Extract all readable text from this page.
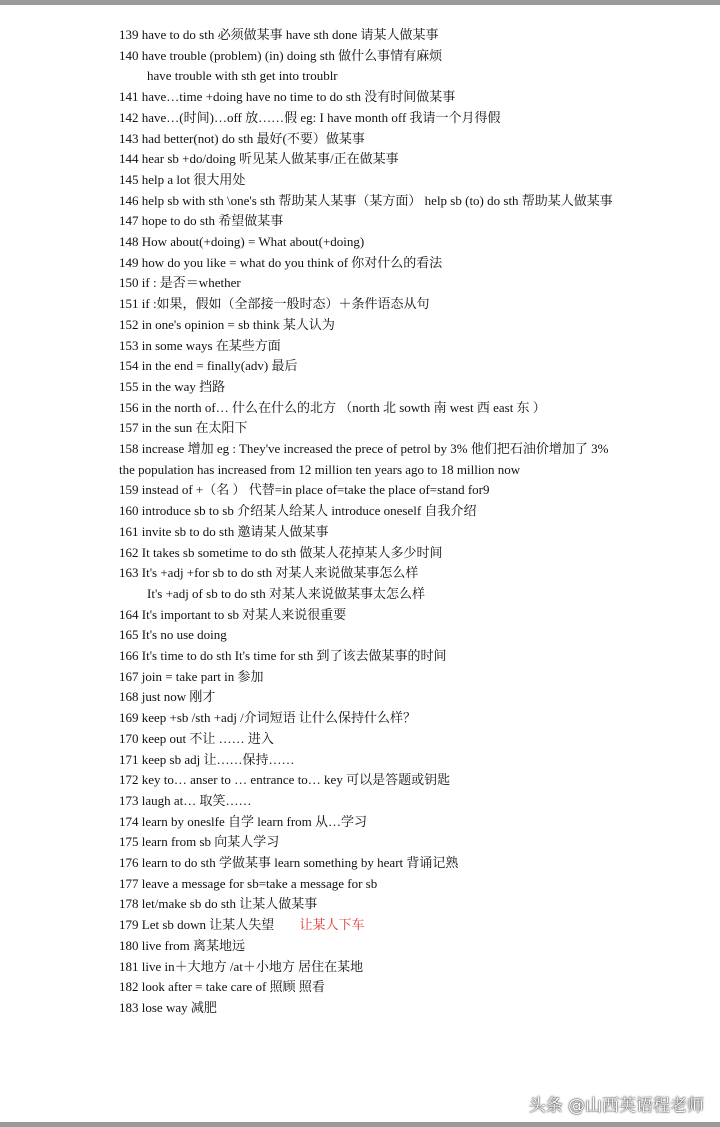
139 have to do sth 必须做某事 have sth done 请某人做某事
140 have trouble (problem) (in) doing sth 做什么事情有麻烦
have trouble with sth get into troublr
141 have…time +doing have no time to do sth 没有时间做某事
142 have…(时间)…off 放……假 eg: I have month off 我请一个月得假
143 had better(not) do sth 最好(不要）做某事
144 hear sb +do/doing 听见某人做某事/正在做某事
145 help a lot 很大用处
146 help sb with sth \one's sth 帮助某人某事（某方面） help sb (to) do sth 帮助某人做某事
147 hope to do sth 希望做某事
148 How about(+doing) = What about(+doing)
149 how do you like = what do you think of 你对什么的看法
150 if : 是否＝whether
151 if :如果，假如（全部接一般时态）＋条件语态从句
152 in one's opinion = sb think 某人认为
153 in some ways 在某些方面
154 in the end = finally(adv) 最后
155 in the way 挡路
156 in the north of… 什么在什么的北方 （north 北 sowth 南 west 西 east 东 ）
157 in the sun 在太阳下
158 increase 增加 eg : They've increased the prece of petrol by 3% 他们把石油价增加了 3%
the population has increased from 12 million ten years ago to 18 million now
159 instead of +（名 ） 代替=in place of=take the place of=stand for9
160 introduce sb to sb 介绍某人给某人 introduce oneself 自我介绍
161 invite sb to do sth 邀请某人做某事
162 It takes sb sometime to do sth 做某人花掉某人多少时间
163 It's +adj +for sb to do sth 对某人来说做某事怎么样
It's +adj of sb to do sth 对某人来说做某事太怎么样
164 It's important to sb 对某人来说很重要
165 It's no use doing
166 It's time to do sth It's time for sth 到了该去做某事的时间
167 join = take part in 参加
168 just now 刚才
169 keep +sb /sth +adj /介词短语 让什么保持什么样？
170 keep out 不让 …… 进入
171 keep sb adj 让……保持……
172 key to… anser to … entrance to… key 可以是答题或钥匙
173 laugh at… 取笑……
174 learn by oneslfe 自学 learn from 从…学习
175 learn from sb 向某人学习
176 learn to do sth 学做某事 learn something by heart 背诵记熟
177 leave a message for sb=take a message for sb
178 let/make sb do sth 让某人做某事
179 Let sb down 让某人失望 让某人下车
180 live from 离某地远
181 live in＋大地方 /at＋小地方 居住在某地
182 look after = take care of 照顾 照看
183 lose way 减肥
头条 @山西英语程老师
